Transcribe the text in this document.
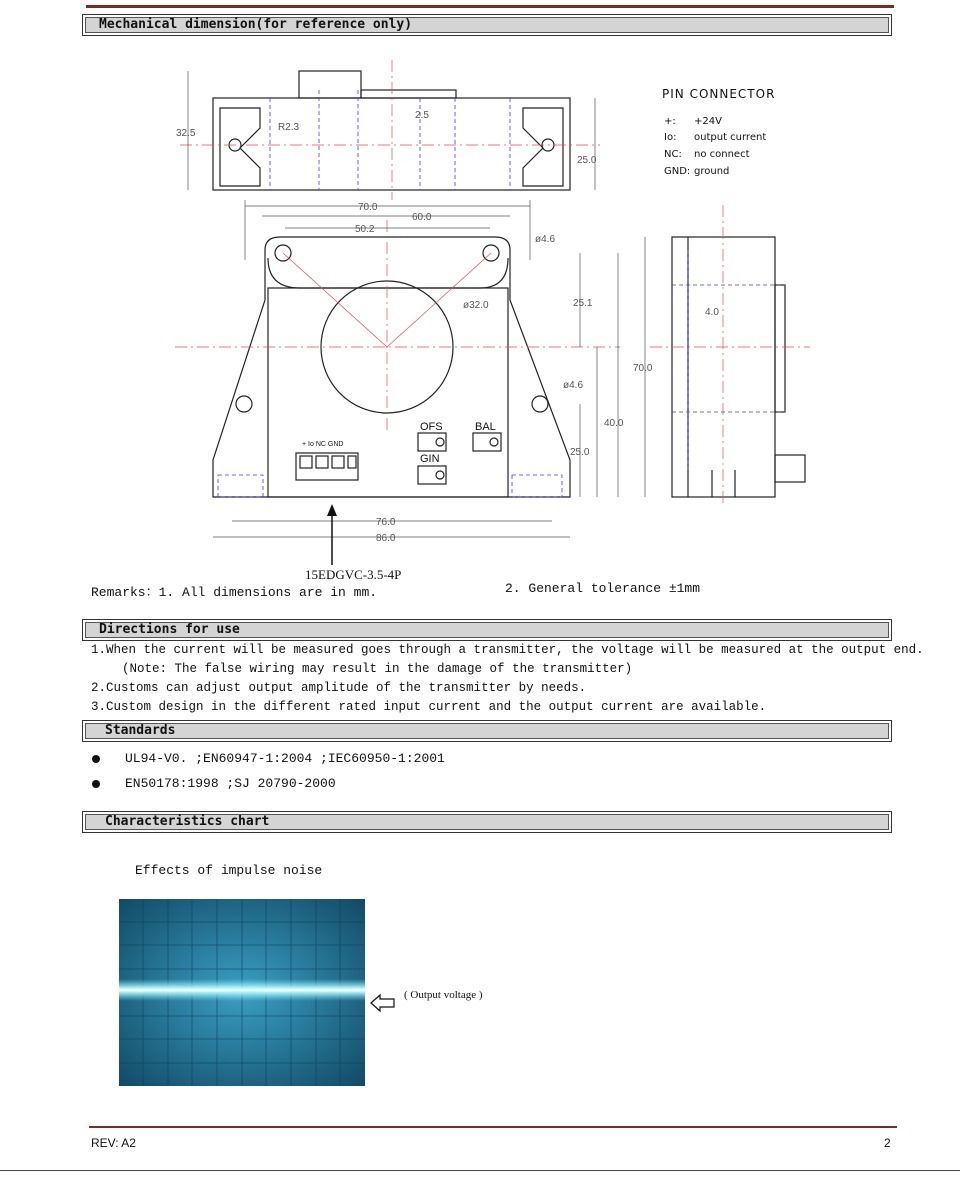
Mechanical dimension(for reference only)
32.5
R2.3
2.5
25.0
70.0
60.0
50.2
ø4.6
ø32.0	25.1
ø4.6
40.0
25.0
76.0
86.0
OFS	BAL
GIN
+ Io NC GND
70.0
4.0
15EDGVC-3.5-4P
PIN CONNECTOR
+: +24V
Io: output current
NC: no connect
GND: ground
Remarks：1. All dimensions are in mm.	2. General tolerance ±1mm
Directions for use
1.When the current will be measured goes through a transmitter, the voltage will be measured at the output end.
(Note: The false wiring may result in the damage of the transmitter)
2.Customs can adjust output amplitude of the transmitter by needs.
3.Custom design in the different rated input current and the output current are available.
Standards
UL94-V0. ;EN60947-1:2004 ;IEC60950-1:2001
EN50178:1998 ;SJ 20790-2000
Characteristics chart
Effects of impulse noise
( Output voltage )
REV: A2	2
